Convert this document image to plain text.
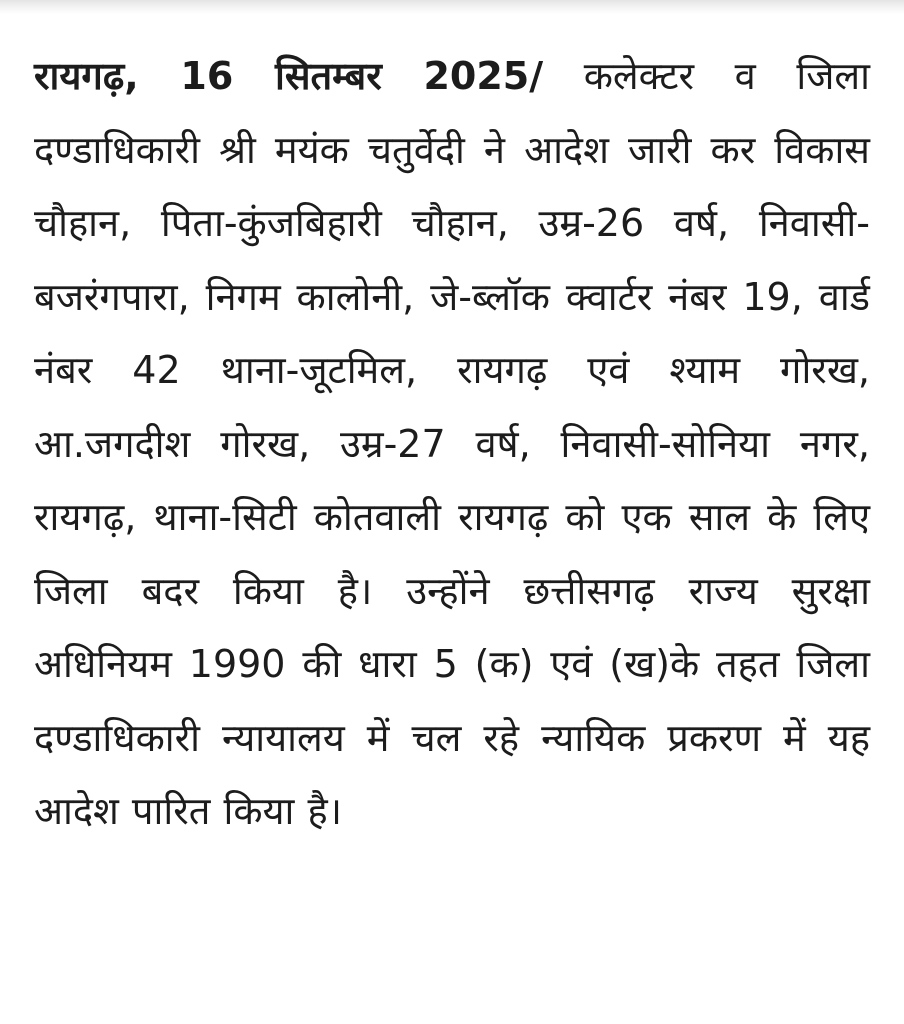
रायगढ़, 16 सितम्बर 2025/ कलेक्टर व जिला दण्डाधिकारी श्री मयंक चतुर्वेदी ने आदेश जारी कर विकास चौहान, पिता-कुंजबिहारी चौहान, उम्र-26 वर्ष, निवासी-बजरंगपारा, निगम कालोनी, जे-ब्लॉक क्वार्टर नंबर 19, वार्ड नंबर 42 थाना-जूटमिल, रायगढ़ एवं श्याम गोरख, आ.जगदीश गोरख, उम्र-27 वर्ष, निवासी-सोनिया नगर, रायगढ़, थाना-सिटी कोतवाली रायगढ़ को एक साल के लिए जिला बदर किया है। उन्होंने छत्तीसगढ़ राज्य सुरक्षा अधिनियम 1990 की धारा 5 (क) एवं (ख)के तहत जिला दण्डाधिकारी न्यायालय में चल रहे न्यायिक प्रकरण में यह आदेश पारित किया है।
